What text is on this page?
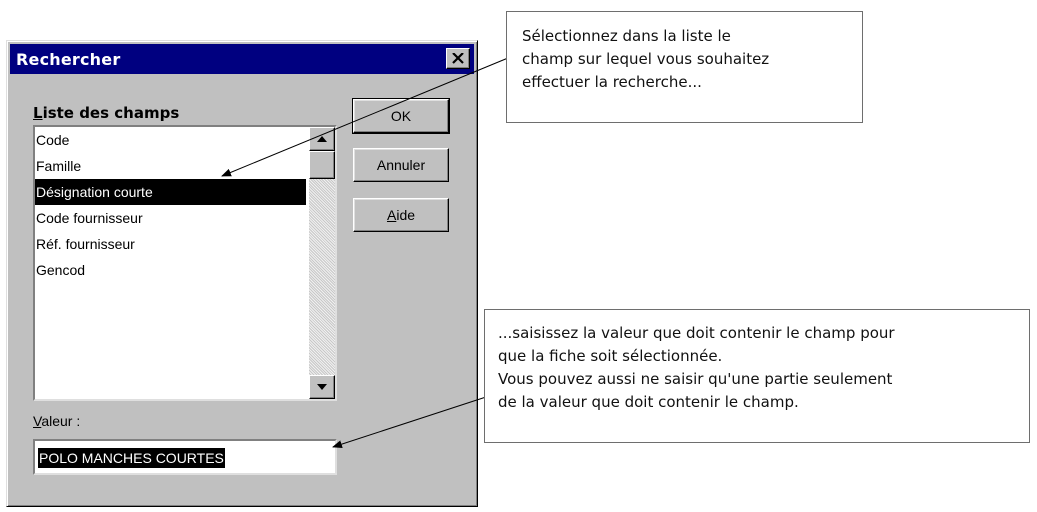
Rechercher
Liste des champs
Code
Famille
Désignation courte
Code fournisseur
Réf. fournisseur
Gencod
OK
Annuler
Aide
Valeur :
POLO MANCHES COURTES
Sélectionnez dans la liste le
champ sur lequel vous souhaitez
effectuer la recherche...
...saisissez la valeur que doit contenir le champ pour
que la fiche soit sélectionnée.
Vous pouvez aussi ne saisir qu'une partie seulement
de la valeur que doit contenir le champ.
